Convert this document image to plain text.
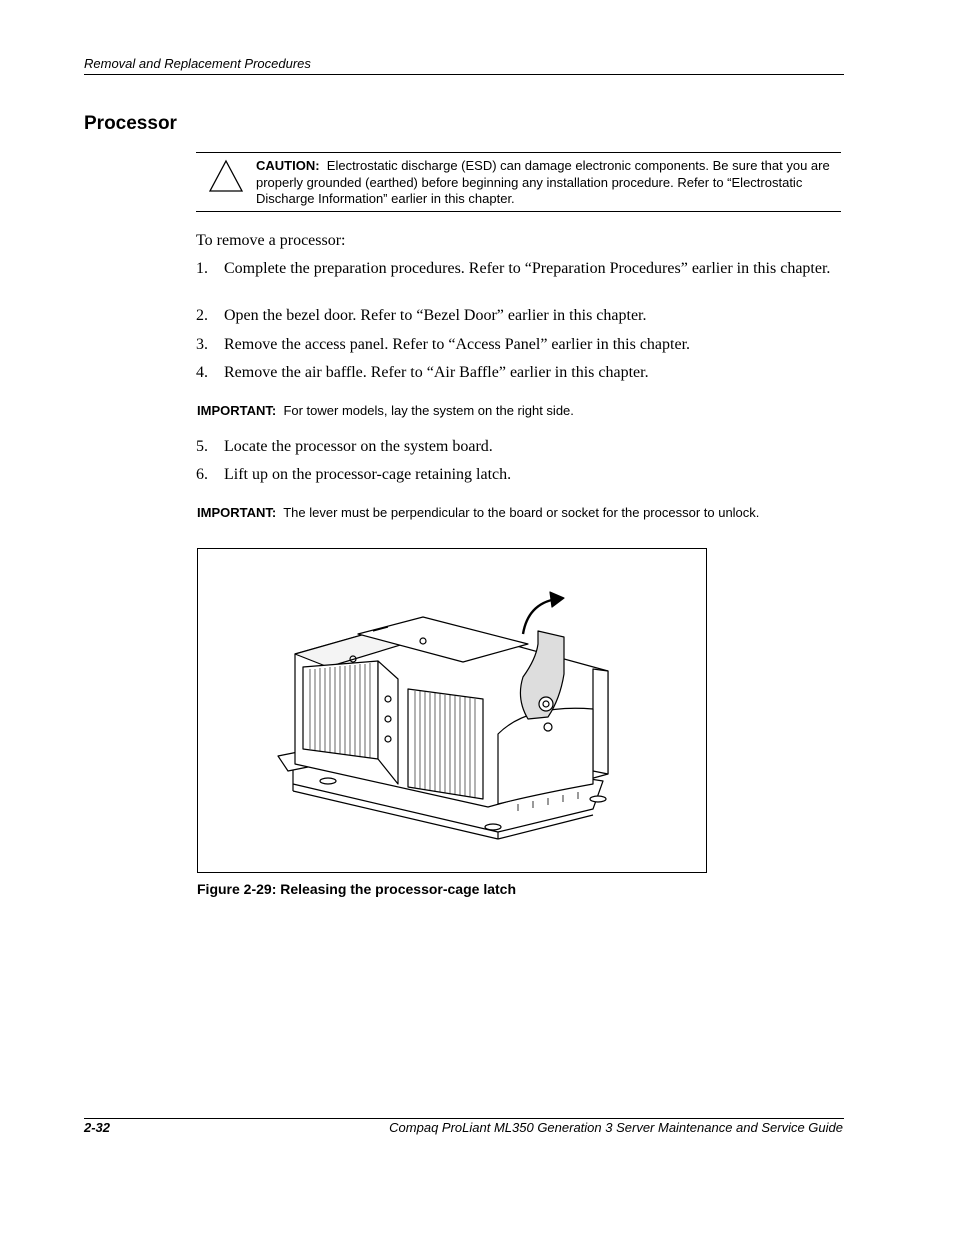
Removal and Replacement Procedures
Processor
CAUTION: Electrostatic discharge (ESD) can damage electronic components. Be sure that you are properly grounded (earthed) before beginning any installation procedure. Refer to “Electrostatic Discharge Information” earlier in this chapter.
To remove a processor:
1. Complete the preparation procedures. Refer to “Preparation Procedures” earlier in this chapter.
2. Open the bezel door. Refer to “Bezel Door” earlier in this chapter.
3. Remove the access panel. Refer to “Access Panel” earlier in this chapter.
4. Remove the air baffle. Refer to “Air Baffle” earlier in this chapter.
IMPORTANT: For tower models, lay the system on the right side.
5. Locate the processor on the system board.
6. Lift up on the processor-cage retaining latch.
IMPORTANT: The lever must be perpendicular to the board or socket for the processor to unlock.
Figure 2-29: Releasing the processor-cage latch
2-32	Compaq ProLiant ML350 Generation 3 Server Maintenance and Service Guide
